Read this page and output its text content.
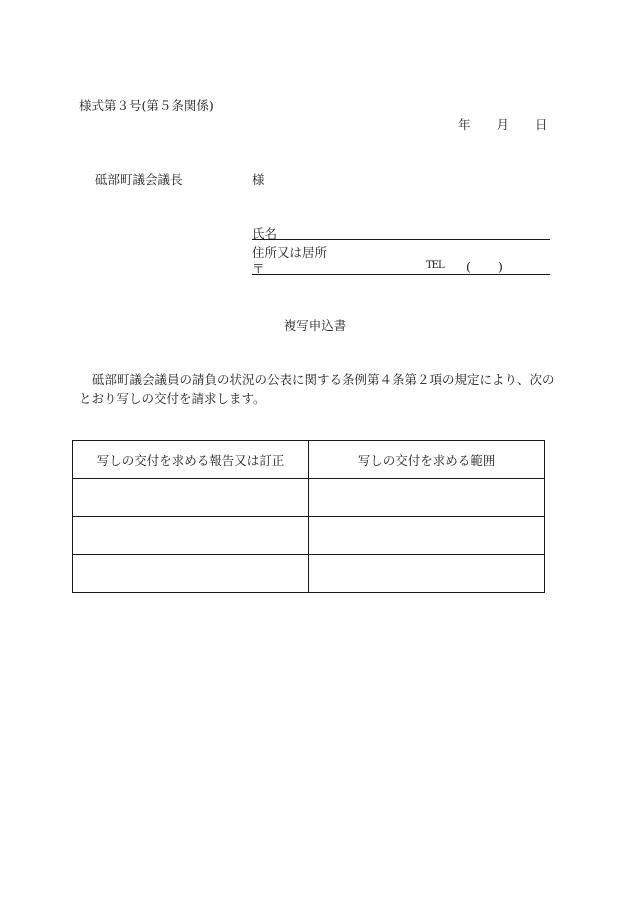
様式第３号(第５条関係)
年 月 日
砥部町議会議長	様
氏名
住所又は居所
〒	TEL ( )
複写申込書
砥部町議会議員の請負の状況の公表に関する条例第４条第２項の規定により、次のとおり写しの交付を請求します。
写しの交付を求める報告又は訂正	写しの交付を求める範囲
